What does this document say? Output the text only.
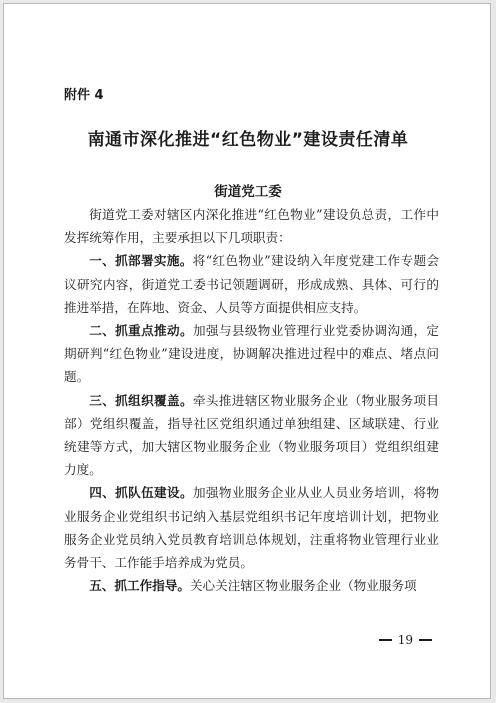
附件 4
南通市深化推进“红色物业”建设责任清单
街道党工委

街道党工委对辖区内深化推进“红色物业”建设负总责，工作中发挥统筹作用，主要承担以下几项职责：

一、抓部署实施。将“红色物业”建设纳入年度党建工作专题会议研究内容，街道党工委书记领题调研，形成成熟、具体、可行的推进举措，在阵地、资金、人员等方面提供相应支持。

二、抓重点推动。加强与县级物业管理行业党委协调沟通，定期研判“红色物业”建设进度，协调解决推进过程中的难点、堵点问题。

三、抓组织覆盖。牵头推进辖区物业服务企业（物业服务项目部）党组织覆盖，指导社区党组织通过单独组建、区域联建、行业统建等方式，加大辖区物业服务企业（物业服务项目）党组织组建力度。

四、抓队伍建设。加强物业服务企业从业人员业务培训，将物业服务企业党组织书记纳入基层党组织书记年度培训计划，把物业服务企业党员纳入党员教育培训总体规划，注重将物业管理行业业务骨干、工作能手培养成为党员。

五、抓工作指导。关心关注辖区物业服务企业（物业服务项

19
